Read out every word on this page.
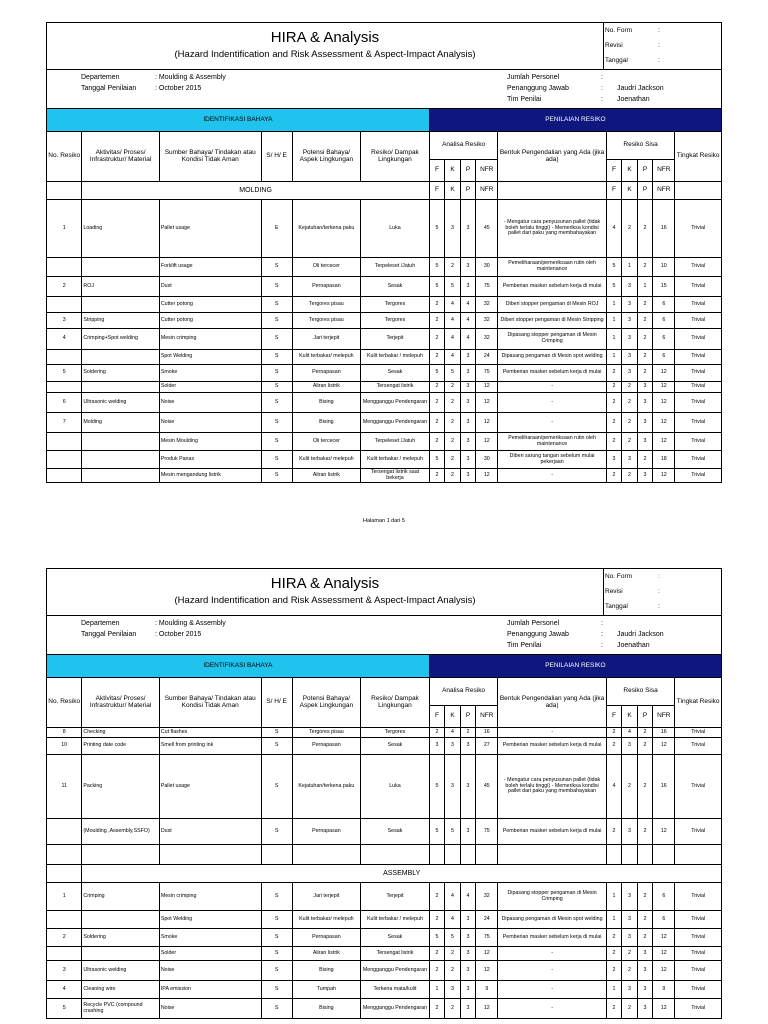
HIRA & Analysis
(Hazard Indentification and Risk Assessment & Aspect-Impact Analysis)
No. Form	:
Revisi	:
Tanggal	:
Departemen	: Moulding & Assembly
Tanggal Penilaian	: October 2015
Jumlah Personel	:
Penanggung Jawab	: Jaudri Jackson
Tim Penilai	: Joenathan
IDENTIFIKASI BAHAYA						PENILAIAN RESIKO									
No. Resiko	Aktivitas/ Proses/ Infrastruktur/ Material	Sumber Bahaya/ Tindakan atau Kondisi Tidak Aman	S/ H/ E	Potensi Bahaya/ Aspek Lingkungan	Resiko/ Dampak Lingkungan	Analisa Resiko				Bentuk Pengendalian yang Ada (jika ada)	Resiko Sisa				Tingkat Resiko
						F	K	P	NFR		F	K	P	NFR	
	MOLDING					F	K	P	NFR		F	K	P	NFR	
1	Loading	Pallet usage	E	Kejatuhan/terkena paku	Luka	5	3	3	45	- Mengatur cara penyusunan pallet (tidak boleh terlalu tinggi) - Memeriksa kondisi pallet dari paku yang membahayakan	4	2	2	16	Trivial
		Forklift usage	S	Oli tercecer	Terpeleset /Jatuh	5	2	3	30	Pemeliharaan/pemeriksaan rutin oleh maintenance	5	1	2	10	Trivial
2	ROJ	Dust	S	Pernapasan	Sesak	5	5	3	75	Pemberian masker sebelum kerja di mulai	5	3	1	15	Trivial
		Cutter potong	S	Tergores pisau	Tergores	2	4	4	32	Diberi stopper pengaman di Mesin ROJ	1	3	2	6	Trivial
3	Stripping	Cutter potong	S	Tergores pisau	Tergores	2	4	4	32	Diberi stopper pengaman di Mesin Stripping	1	3	2	6	Trivial
4	Crimping+Spot welding	Mesin crimping	S	Jari terjepit	Terjepit	2	4	4	32	Dipasang stopper pengaman di Mesin Crimping	1	3	2	6	Trivial
		Spot Welding	S	Kulit terbakar/ melepuh	Kulit terbakar / melepuh	2	4	3	24	Dipasang pengaman di Mesin spot welding	1	3	2	6	Trivial
5	Soldering	Smoke	S	Pernapasan	Sesak	5	5	3	75	Pemberian masker sebelum kerja di mulai	2	3	2	12	Trivial
		Solder	S	Aliran listrik	Tersengat listrik	2	2	3	12	-	2	2	3	12	Trivial
6	Ultrasonic welding	Noise	S	Bising	Mengganggu Pendengaran	2	2	3	12	-	2	2	3	12	Trivial
7	Molding	Noise	S	Bising	Mengganggu Pendengaran	2	2	3	12	-	2	2	3	12	Trivial
		Mesin Moulding	S	Oli tercecer	Terpeleset /Jatuh	2	2	3	12	Pemeliharaan/pemeriksaan rutin oleh maintenance	2	2	3	12	Trivial
		Produk Panas	S	Kulit terbakar/ melepuh	Kulit terbakar / melepuh	5	2	3	30	Diberi sarung tangan sebelum mulai pekerjaan	3	3	2	18	Trivial
		Mesin mengandung listrik	S	Aliran listrik	Tersengat listrik saat bekerja	2	2	3	12	-	2	2	3	12	Trivial
Halaman 1 dari 5
HIRA & Analysis
(Hazard Indentification and Risk Assessment & Aspect-Impact Analysis)
No. Form	:
Revisi	:
Tanggal	:
Departemen	: Moulding & Assembly
Tanggal Penilaian	: October 2015
Jumlah Personel	:
Penanggung Jawab	: Jaudri Jackson
Tim Penilai	: Joenathan
IDENTIFIKASI BAHAYA						PENILAIAN RESIKO									
No. Resiko	Aktivitas/ Proses/ Infrastruktur/ Material	Sumber Bahaya/ Tindakan atau Kondisi Tidak Aman	S/ H/ E	Potensi Bahaya/ Aspek Lingkungan	Resiko/ Dampak Lingkungan	Analisa Resiko				Bentuk Pengendalian yang Ada (jika ada)	Resiko Sisa				Tingkat Resiko
						F	K	P	NFR		F	K	P	NFR	
8	Checking	Cut flashes	S	Tergores pisau	Tergores	2	4	2	16	-	2	4	2	16	Trivial
10	Printing date code	Smell from printing ink	S	Pernapasan	Sesak	3	3	3	27	Pemberian masker sebelum kerja di mulai	2	3	2	12	Trivial
11	Packing	Pallet usage	S	Kejatuhan/terkena paku	Luka	5	3	3	45	- Mengatur cara penyusunan pallet (tidak boleh terlalu tinggi) - Memeriksa kondisi pallet dari paku yang membahayakan	4	2	2	16	Trivial
	(Moulding ,Assembly,SSFO)	Dust	S	Pernapasan	Sesak	5	5	3	75	Pemberian masker sebelum kerja di mulai	2	3	2	12	Trivial

	ASSEMBLY														
1	Crimping	Mesin crimping	S	Jari terjepit	Terjepit	2	4	4	32	Dipasang stopper pengaman di Mesin Crimping	1	3	2	6	Trivial
		Spot Welding	S	Kulit terbakar/ melepuh	Kulit terbakar / melepuh	2	4	3	24	Dipasang pengaman di Mesin spot welding	1	3	2	6	Trivial
2	Soldering	Smoke	S	Pernapasan	Sesak	5	5	3	75	Pemberian masker sebelum kerja di mulai	2	3	2	12	Trivial
		Solder	S	Aliran listrik	Tersengat listrik	2	2	3	12	-	2	2	3	12	Trivial
3	Ultrasonic welding	Noise	S	Bising	Mengganggu Pendengaran	2	2	3	12	-	2	2	3	12	Trivial
4	Cleaning wire	IPA emission	S	Tumpah	Terkena mata/kulit	1	3	3	9	-	1	3	3	9	Trivial
5	Recycle PVC (compound crashing	Noise	S	Bising	Mengganggu Pendengaran	2	2	3	12	-	2	2	3	12	Trivial
